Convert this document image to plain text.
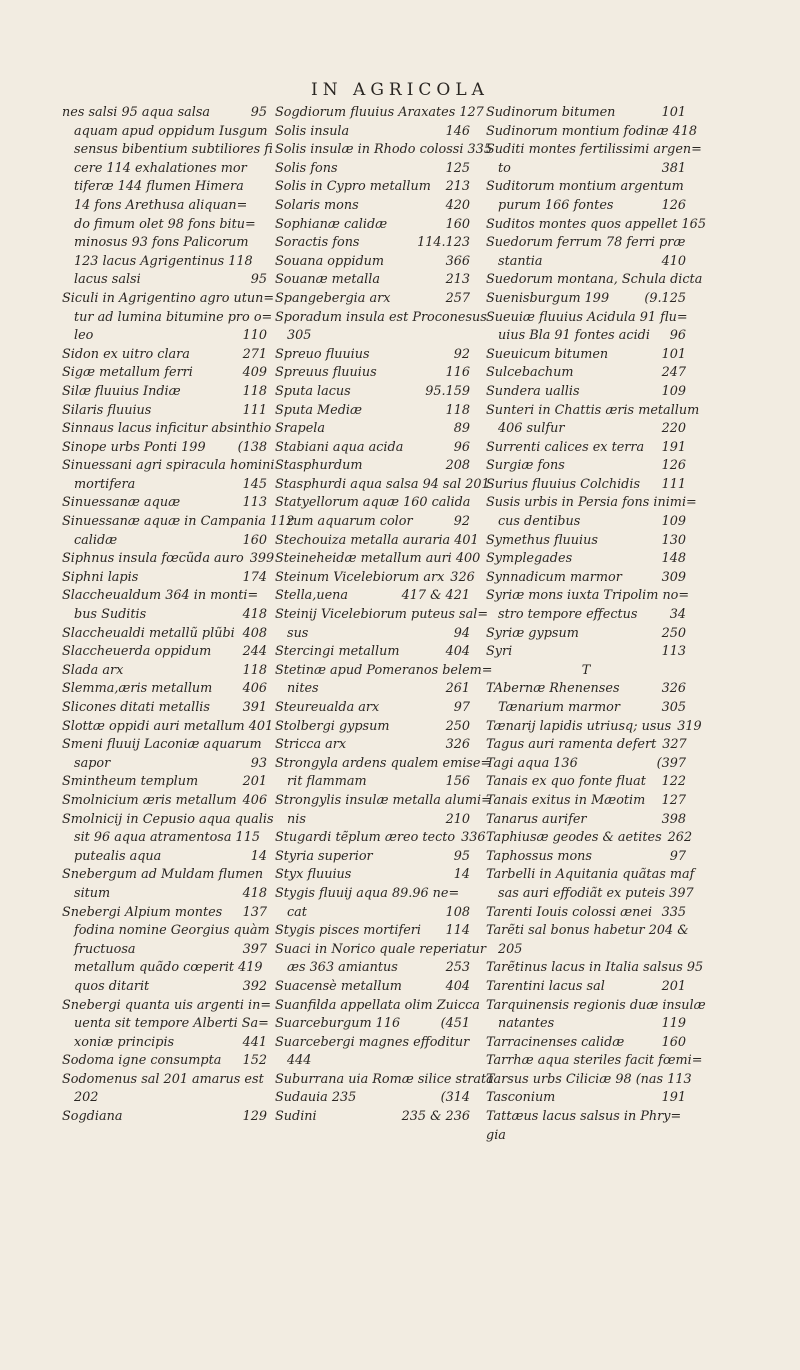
IN AGRICOLA
nes salsi 95 aqua salsa	95
aquam apud oppidum Iusgum
sensus bibentium subtiliores fi
cere 114 exhalationes mor
tiferæ 144 flumen Himera
14 fons Arethusa aliquan=
do fimum olet 98 fons bitu=
minosus 93 fons Palicorum
123 lacus Agrigentinus 118
lacus salsi	95
Siculi in Agrigentino agro utun=
tur ad lumina bitumine pro o=
leo	110
Sidon ex uitro clara	271
Sigæ metallum ferri	409
Silæ fluuius Indiæ	118
Silaris fluuius	111
Sinnaus lacus inficitur absinthio
Sinope urbs Ponti 199	(138
Sinuessani agri spiracula homini
mortifera	145
Sinuessanæ aquæ	113
Sinuessanæ aquæ in Campania 112
calidæ	160
Siphnus insula fœcũda auro 399
Siphni lapis	174
Slaccheualdum 364 in monti=
bus Suditis	418
Slaccheualdi metallũ plũbi 408
Slaccheuerda oppidum	244
Slada arx	118
Slemma,æris metallum	406
Slicones ditati metallis	391
Slottæ oppidi auri metallum 401
Smeni fluuij Laconiæ aquarum
sapor	93
Smintheum templum	201
Smolnicium æris metallum 406
Smolnicij in Cepusio aqua qualis
sit 96 aqua atramentosa 115
putealis aqua	14
Snebergum ad Muldam flumen
situm	418
Snebergi Alpium montes	137
fodina nomine Georgius quàm
fructuosa	397
metallum quãdo cœperit 419
quos ditarit	392
Snebergi quanta uis argenti in=
uenta sit tempore Alberti Sa=
xoniæ principis	441
Sodoma igne consumpta	152
Sodomenus sal 201 amarus est
202
Sogdiana	129
Sogdiorum fluuius Araxates 127
Solis insula	146
Solis insulæ in Rhodo colossi 335
Solis fons	125
Solis in Cypro metallum	213
Solaris mons	420
Sophianæ calidæ	160
Soractis fons	114.123
Souana oppidum	366
Souanæ metalla	213
Spangebergia arx	257
Sporadum insula est Proconesus
305
Spreuo fluuius	92
Spreuus fluuius	116
Sputa lacus	95.159
Sputa Mediæ	118
Srapela	89
Stabiani aqua acida	96
Stasphurdum	208
Stasphurdi aqua salsa 94 sal 201
Statyellorum aquæ 160 calida
rum aquarum color	92
Stechouiza metalla auraria 401
Steineheidæ metallum auri 400
Steinum Vicelebiorum arx 326
Stella,uena	417 & 421
Steinij Vicelebiorum puteus sal=
sus	94
Stercingi metallum	404
Stetinæ apud Pomeranos belem=
nites	261
Steureualda arx	97
Stolbergi gypsum	250
Stricca arx	326
Strongyla ardens qualem emise=
rit flammam	156
Strongylis insulæ metalla alumi=
nis	210
Stugardi tẽplum æreo tecto 336
Styria superior	95
Styx fluuius	14
Stygis fluuij aqua 89.96 ne=
cat	108
Stygis pisces mortiferi	114
Suaci in Norico quale reperiatur
æs 363 amiantus	253
Suacensè metallum	404
Suanfilda appellata olim Zuicca
Suarceburgum 116	(451
Suarcebergi magnes effoditur
444
Suburrana uia Romæ silice strata
Sudauia 235	(314
Sudini	235 & 236
Sudinorum bitumen	101
Sudinorum montium fodinæ 418
Suditi montes fertilissimi argen=
to	381
Suditorum montium argentum
purum 166 fontes	126
Suditos montes quos appellet 165
Suedorum ferrum 78 ferri præ
stantia	410
Suedorum montana, Schula dicta
Suenisburgum 199	(9.125
Sueuiæ fluuius Acidula 91 flu=
uius Bla 91 fontes acidi	96
Sueuicum bitumen	101
Sulcebachum	247
Sundera uallis	109
Sunteri in Chattis æris metallum
406 sulfur	220
Surrenti calices ex terra	191
Surgiæ fons	126
Surius fluuius Colchidis	111
Susis urbis in Persia fons inimi=
cus dentibus	109
Symethus fluuius	130
Symplegades	148
Synnadicum marmor	309
Syriæ mons iuxta Tripolim no=
stro tempore effectus	34
Syriæ gypsum	250
Syri	113
T
TAbernæ Rhenenses	326
Tænarium marmor	305
Tænarij lapidis utriusq; usus 319
Tagus auri ramenta defert 327
Tagi aqua 136	(397
Tanais ex quo fonte fluat	122
Tanais exitus in Mæotim	127
Tanarus aurifer	398
Taphiusæ geodes & aetites 262
Taphossus mons	97
Tarbelli in Aquitania quãtas maf
sas auri effodiãt ex puteis 397
Tarenti Iouis colossi ænei 335
Tarẽti sal bonus habetur 204 &
205
Tarẽtinus lacus in Italia salsus 95
Tarentini lacus sal	201
Tarquinensis regionis duæ insulæ
natantes	119
Tarracinenses calidæ	160
Tarrhæ aqua steriles facit fœmi=
Tarsus urbs Ciliciæ 98 (nas 113
Tasconium	191
Tattæus lacus salsus in Phry=
gia
